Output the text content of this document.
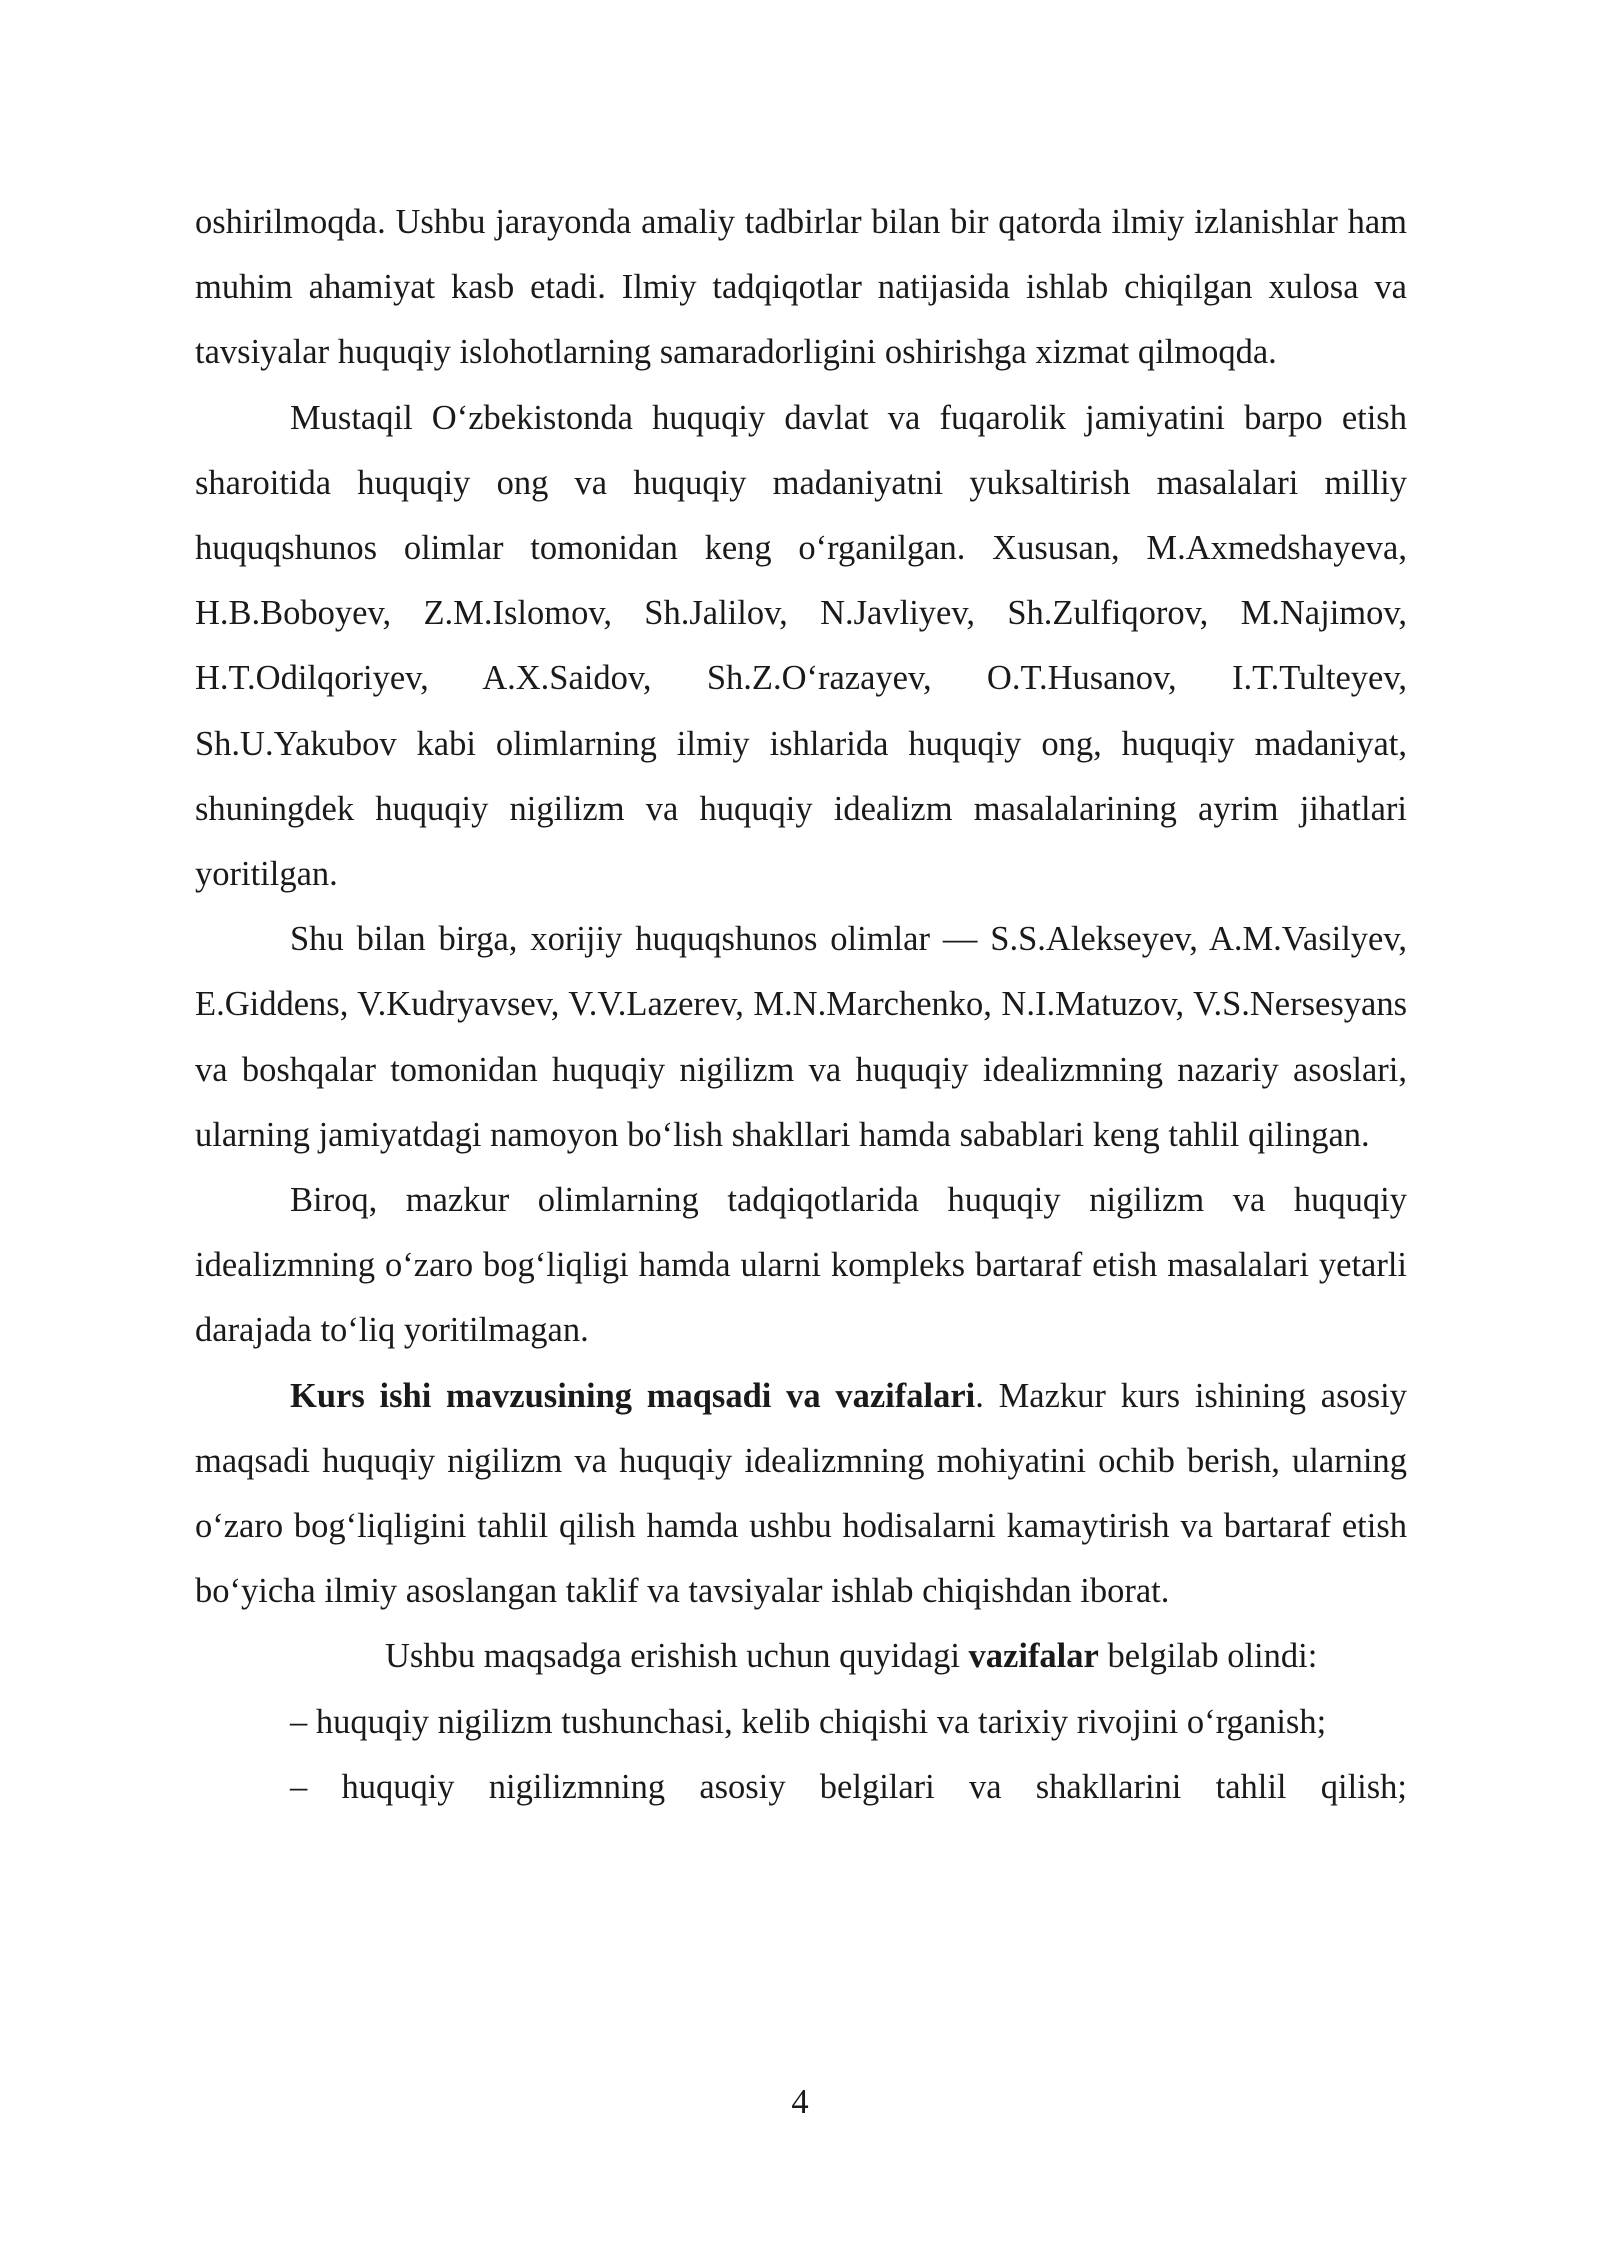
oshirilmoqda. Ushbu jarayonda amaliy tadbirlar bilan bir qatorda ilmiy izlanishlar ham muhim ahamiyat kasb etadi. Ilmiy tadqiqotlar natijasida ishlab chiqilgan xulosa va tavsiyalar huquqiy islohotlarning samaradorligini oshirishga xizmat qilmoqda.

Mustaqil O‘zbekistonda huquqiy davlat va fuqarolik jamiyatini barpo etish sharoitida huquqiy ong va huquqiy madaniyatni yuksaltirish masalalari milliy huquqshunos olimlar tomonidan keng o‘rganilgan. Xususan, M.Axmedshayeva, H.B.Boboyev, Z.M.Islomov, Sh.Jalilov, N.Javliyev, Sh.Zulfiqorov, M.Najimov, H.T.Odilqoriyev, A.X.Saidov, Sh.Z.O‘razayev, O.T.Husanov, I.T.Tulteyev, Sh.U.Yakubov kabi olimlarning ilmiy ishlarida huquqiy ong, huquqiy madaniyat, shuningdek huquqiy nigilizm va huquqiy idealizm masalalarining ayrim jihatlari yoritilgan.

Shu bilan birga, xorijiy huquqshunos olimlar — S.S.Alekseyev, A.M.Vasilyev, E.Giddens, V.Kudryavsev, V.V.Lazerev, M.N.Marchenko, N.I.Matuzov, V.S.Nersesyans va boshqalar tomonidan huquqiy nigilizm va huquqiy idealizmning nazariy asoslari, ularning jamiyatdagi namoyon bo‘lish shakllari hamda sabablari keng tahlil qilingan.

Biroq, mazkur olimlarning tadqiqotlarida huquqiy nigilizm va huquqiy idealizmning o‘zaro bog‘liqligi hamda ularni kompleks bartaraf etish masalalari yetarli darajada to‘liq yoritilmagan.

Kurs ishi mavzusining maqsadi va vazifalari. Mazkur kurs ishining asosiy maqsadi huquqiy nigilizm va huquqiy idealizmning mohiyatini ochib berish, ularning o‘zaro bog‘liqligini tahlil qilish hamda ushbu hodisalarni kamaytirish va bartaraf etish bo‘yicha ilmiy asoslangan taklif va tavsiyalar ishlab chiqishdan iborat.

Ushbu maqsadga erishish uchun quyidagi vazifalar belgilab olindi:

– huquqiy nigilizm tushunchasi, kelib chiqishi va tarixiy rivojini o‘rganish;

– huquqiy nigilizmning asosiy belgilari va shakllarini tahlil qilish;

4
